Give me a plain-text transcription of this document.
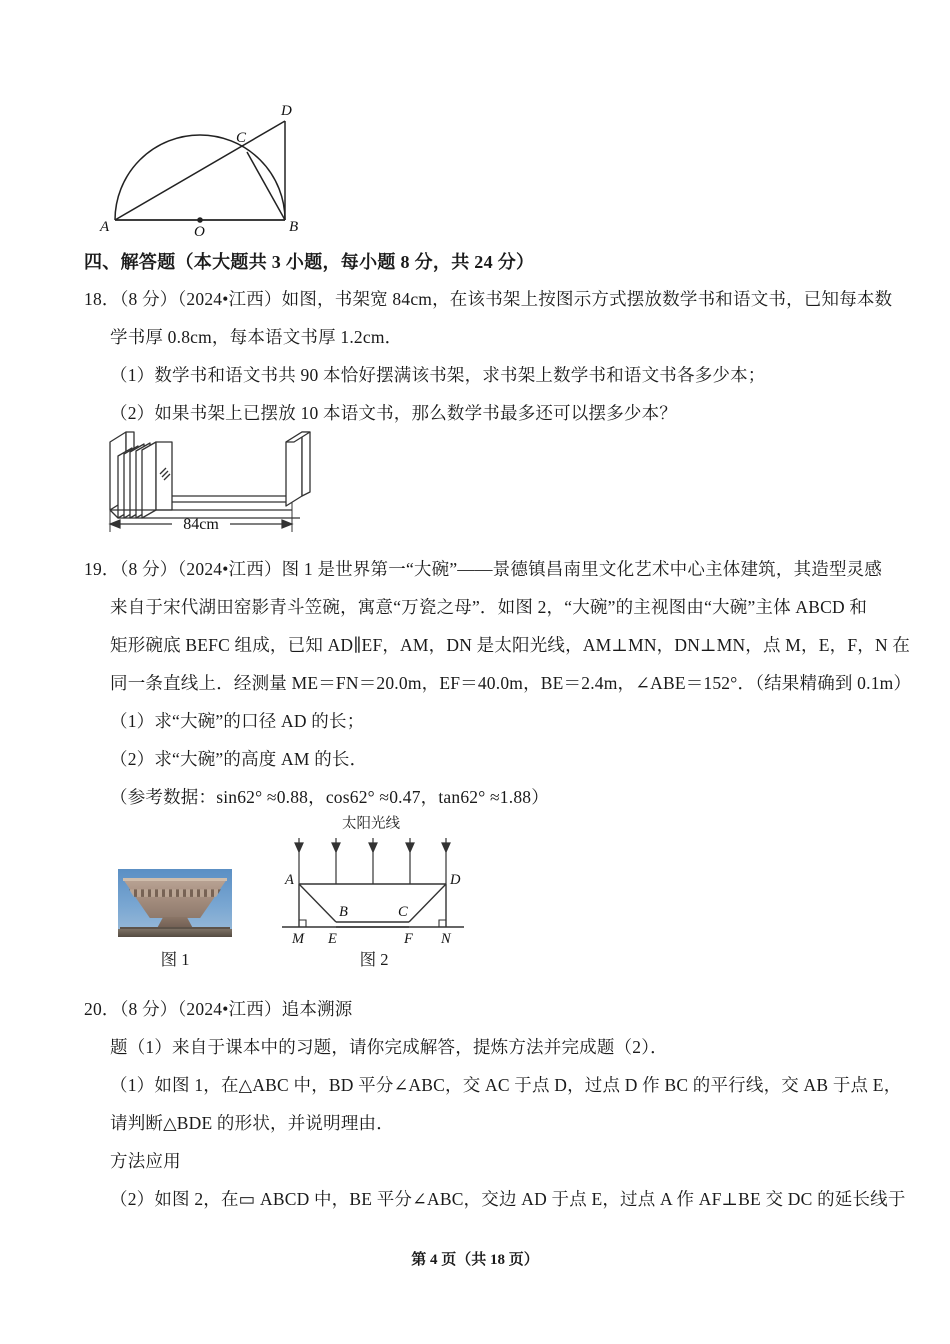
A	B
C
D
O
四、解答题（本大题共 3 小题，每小题 8 分，共 24 分）
18．（8 分）（2024•江西）如图，书架宽 84cm，在该书架上按图示方式摆放数学书和语文书，已知每本数
学书厚 0.8cm，每本语文书厚 1.2cm．
（1）数学书和语文书共 90 本恰好摆满该书架，求书架上数学书和语文书各多少本；
（2）如果书架上已摆放 10 本语文书，那么数学书最多还可以摆多少本？
84cm
19．（8 分）（2024•江西）图 1 是世界第一“大碗”——景德镇昌南里文化艺术中心主体建筑，其造型灵感
来自于宋代湖田窑影青斗笠碗，寓意“万瓷之母”．如图 2，“大碗”的主视图由“大碗”主体 ABCD 和
矩形碗底 BEFC 组成，已知 AD∥EF，AM，DN 是太阳光线，AM⊥MN，DN⊥MN，点 M，E，F，N 在
同一条直线上．经测量 ME＝FN＝20.0m，EF＝40.0m，BE＝2.4m，∠ABE＝152°．（结果精确到 0.1m）
（1）求“大碗”的口径 AD 的长；
（2）求“大碗”的高度 AM 的长．
（参考数据：sin62° ≈0.88，cos62° ≈0.47，tan62° ≈1.88）
图 1
太阳光线
A
B	C
D
M E	F N
图 2
20．（8 分）（2024•江西）追本溯源
题（1）来自于课本中的习题，请你完成解答，提炼方法并完成题（2）．
（1）如图 1，在△ABC 中，BD 平分∠ABC，交 AC 于点 D，过点 D 作 BC 的平行线，交 AB 于点 E，
请判断△BDE 的形状，并说明理由．
方法应用
（2）如图 2，在▭ ABCD 中，BE 平分∠ABC，交边 AD 于点 E，过点 A 作 AF⊥BE 交 DC 的延长线于
第 4 页（共 18 页）
